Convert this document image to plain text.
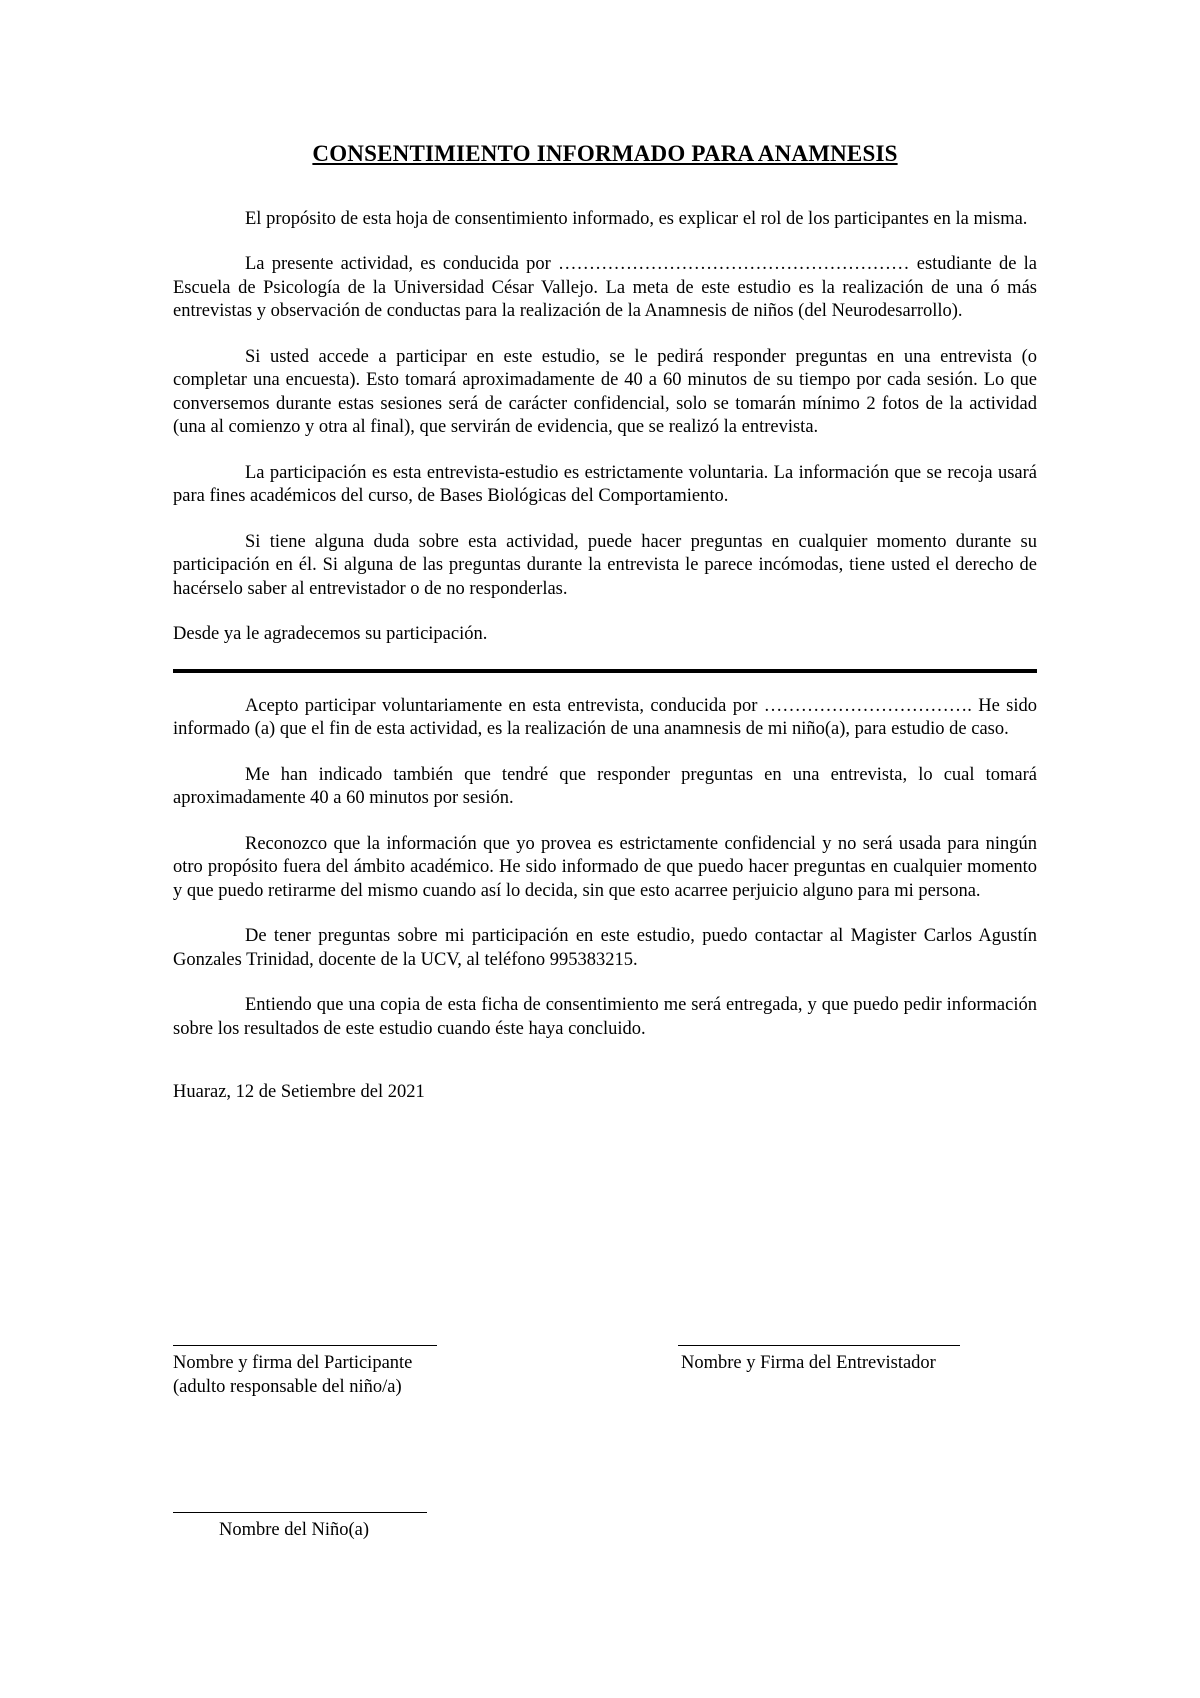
CONSENTIMIENTO INFORMADO PARA ANAMNESIS

El propósito de esta hoja de consentimiento informado, es explicar el rol de los participantes en la misma.

La presente actividad, es conducida por ………………………………………………… estudiante de la Escuela de Psicología de la Universidad César Vallejo. La meta de este estudio es la realización de una ó más entrevistas y observación de conductas para la realización de la Anamnesis de niños (del Neurodesarrollo).

Si usted accede a participar en este estudio, se le pedirá responder preguntas en una entrevista (o completar una encuesta). Esto tomará aproximadamente de 40 a 60 minutos de su tiempo por cada sesión. Lo que conversemos durante estas sesiones será de carácter confidencial, solo se tomarán mínimo 2 fotos de la actividad (una al comienzo y otra al final), que servirán de evidencia, que se realizó la entrevista.

La participación es esta entrevista-estudio es estrictamente voluntaria. La información que se recoja usará para fines académicos del curso, de Bases Biológicas del Comportamiento.

Si tiene alguna duda sobre esta actividad, puede hacer preguntas en cualquier momento durante su participación en él. Si alguna de las preguntas durante la entrevista le parece incómodas, tiene usted el derecho de hacérselo saber al entrevistador o de no responderlas.

Desde ya le agradecemos su participación.

Acepto participar voluntariamente en esta entrevista, conducida por ……………………………. He sido informado (a) que el fin de esta actividad, es la realización de una anamnesis de mi niño(a), para estudio de caso.

Me han indicado también que tendré que responder preguntas en una entrevista, lo cual tomará aproximadamente 40 a 60 minutos por sesión.

Reconozco que la información que yo provea es estrictamente confidencial y no será usada para ningún otro propósito fuera del ámbito académico. He sido informado de que puedo hacer preguntas en cualquier momento y que puedo retirarme del mismo cuando así lo decida, sin que esto acarree perjuicio alguno para mi persona.

De tener preguntas sobre mi participación en este estudio, puedo contactar al Magister Carlos Agustín Gonzales Trinidad, docente de la UCV, al teléfono 995383215.

Entiendo que una copia de esta ficha de consentimiento me será entregada, y que puedo pedir información sobre los resultados de este estudio cuando éste haya concluido.

Huaraz, 12 de Setiembre del 2021

Nombre y firma del Participante
(adulto responsable del niño/a)
Nombre y Firma del Entrevistador
Nombre del Niño(a)
